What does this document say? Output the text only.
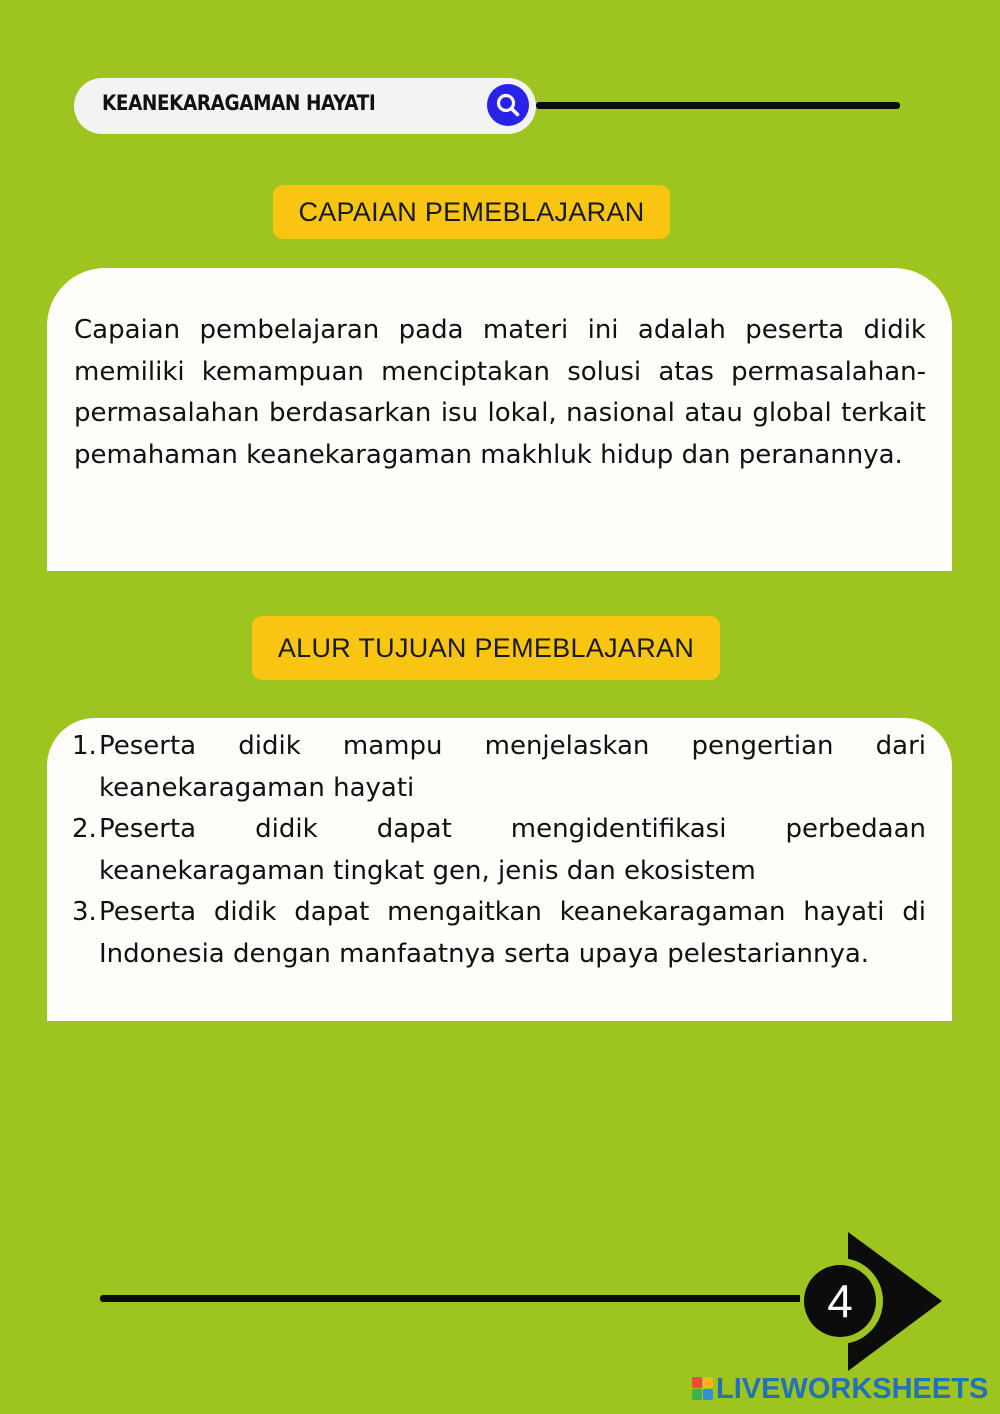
KEANEKARAGAMAN HAYATI
CAPAIAN PEMEBLAJARAN

Capaian pembelajaran pada materi ini adalah peserta didik memiliki kemampuan menciptakan solusi atas permasalahan-permasalahan berdasarkan isu lokal, nasional atau global terkait pemahaman keanekaragaman makhluk hidup dan peranannya.

ALUR TUJUAN PEMEBLAJARAN
1. Peserta didik mampu menjelaskan pengertian dari keanekaragaman hayati
2. Peserta didik dapat mengidentifikasi perbedaan keanekaragaman tingkat gen, jenis dan ekosistem
3. Peserta didik dapat mengaitkan keanekaragaman hayati di Indonesia dengan manfaatnya serta upaya pelestariannya.
4
LIVEWORKSHEETS
